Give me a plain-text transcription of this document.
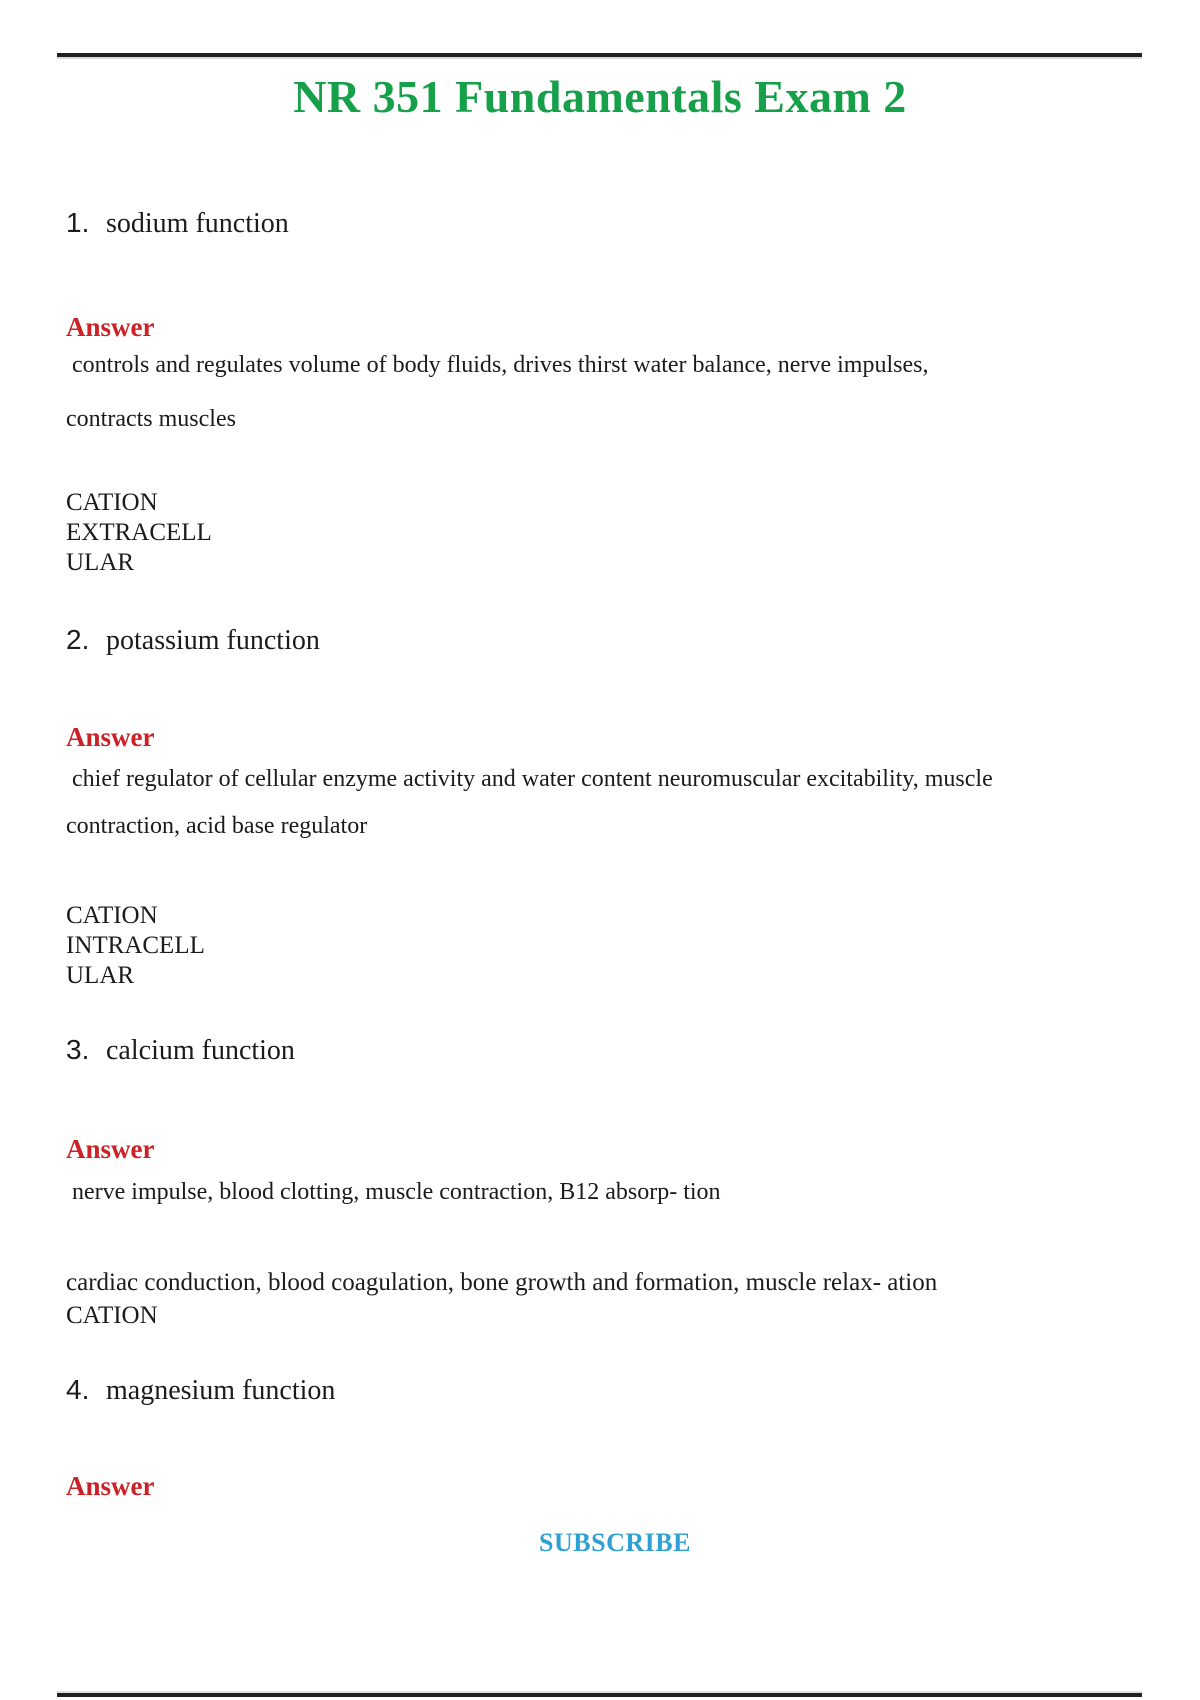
NR 351 Fundamentals Exam 2
1. sodium function
Answer
controls and regulates volume of body fluids, drives thirst water balance, nerve impulses,
contracts muscles
CATION
EXTRACELL
ULAR
2. potassium function
Answer
chief regulator of cellular enzyme activity and water content neuromuscular excitability, muscle
contraction, acid base regulator
CATION
INTRACELL
ULAR
3. calcium function
Answer
nerve impulse, blood clotting, muscle contraction, B12 absorp- tion
cardiac conduction, blood coagulation, bone growth and formation, muscle relax- ation
CATION
4. magnesium function
Answer
SUBSCRIBE
